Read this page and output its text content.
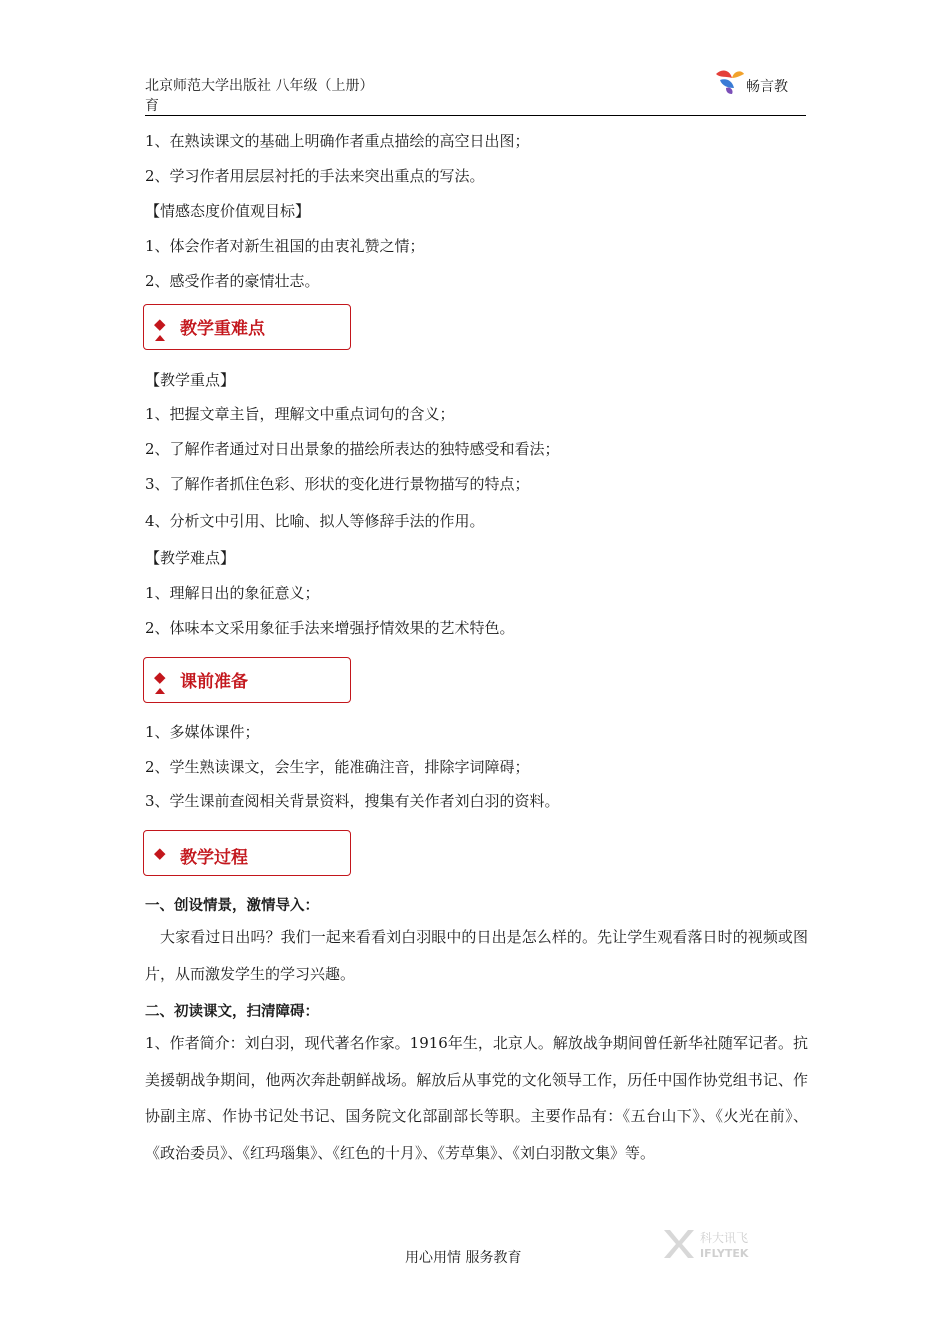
北京师范大学出版社 八年级（上册）
育
畅言教
1、在熟读课文的基础上明确作者重点描绘的高空日出图；
2、学习作者用层层衬托的手法来突出重点的写法。
【情感态度价值观目标】
1、体会作者对新生祖国的由衷礼赞之情；
2、感受作者的豪情壮志。
◆ 教学重难点
【教学重点】
1、把握文章主旨，理解文中重点词句的含义；
2、了解作者通过对日出景象的描绘所表达的独特感受和看法；
3、了解作者抓住色彩、形状的变化进行景物描写的特点；
4、分析文中引用、比喻、拟人等修辞手法的作用。
【教学难点】
1、理解日出的象征意义；
2、体味本文采用象征手法来增强抒情效果的艺术特色。
◆ 课前准备
1、多媒体课件；
2、学生熟读课文，会生字，能准确注音，排除字词障碍；
3、学生课前查阅相关背景资料，搜集有关作者刘白羽的资料。
◆ 教学过程
一、创设情景，激情导入：
大家看过日出吗？我们一起来看看刘白羽眼中的日出是怎么样的。先让学生观看落日时的视频或图片，从而激发学生的学习兴趣。
二、初读课文，扫清障碍：
1、作者简介：刘白羽，现代著名作家。1916年生，北京人。解放战争期间曾任新华社随军记者。抗美援朝战争期间，他两次奔赴朝鲜战场。解放后从事党的文化领导工作，历任中国作协党组书记、作协副主席、作协书记处书记、国务院文化部副部长等职。主要作品有：《五台山下》、《火光在前》、《政治委员》、《红玛瑙集》、《红色的十月》、《芳草集》、《刘白羽散文集》等。
用心用情 服务教育
科大讯飞
IFLYTEK
